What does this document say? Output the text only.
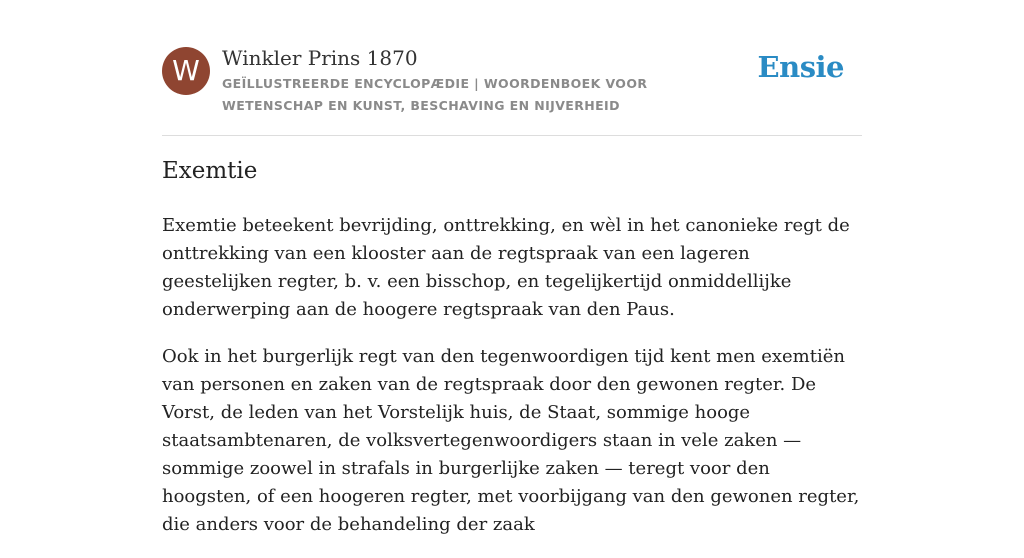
W	Winkler Prins 1870
GEÏLLUSTREERDE ENCYCLOPÆDIE | WOORDENBOEK VOOR WETENSCHAP EN KUNST, BESCHAVING EN NIJVERHEID
Ensie
Exemtie

Exemtie beteekent bevrijding, onttrekking, en wèl in het canonieke regt de onttrekking van een klooster aan de regtspraak van een lageren geestelijken regter, b. v. een bisschop, en tegelijkertijd onmiddellijke onderwerping aan de hoogere regtspraak van den Paus.

Ook in het burgerlijk regt van den tegenwoordigen tijd kent men exemtiën van personen en zaken van de regtspraak door den gewonen regter. De Vorst, de leden van het Vorstelijk huis, de Staat, sommige hooge staatsambtenaren, de volksvertegenwoordigers staan in vele zaken — sommige zoowel in strafals in burgerlijke zaken — teregt voor den hoogsten, of een hoogeren regter, met voorbijgang van den gewonen regter, die anders voor de behandeling der zaak
